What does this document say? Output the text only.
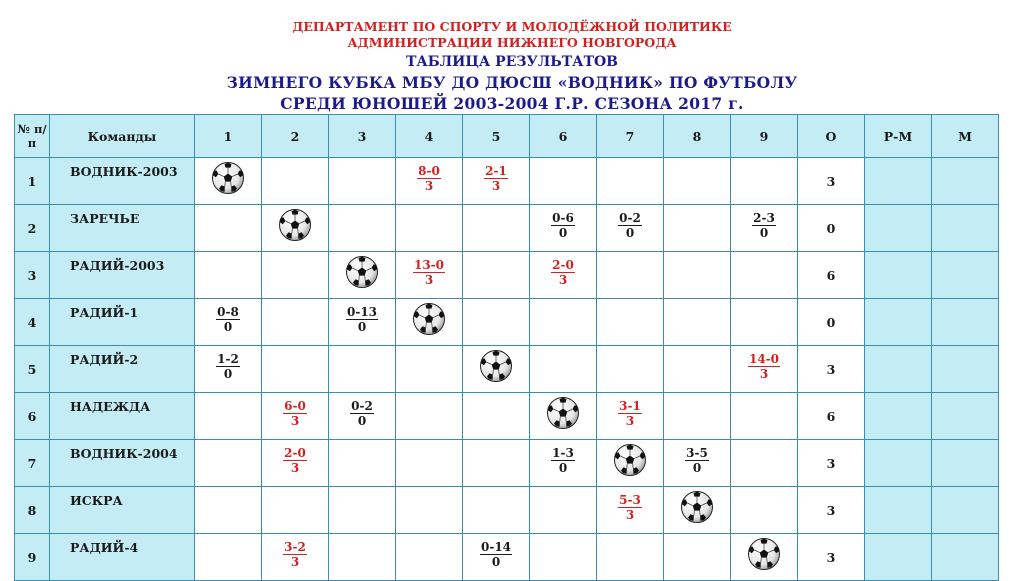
ДЕПАРТАМЕНТ ПО СПОРТУ И МОЛОДЁЖНОЙ ПОЛИТИКЕ
АДМИНИСТРАЦИИ НИЖНЕГО НОВГОРОДА
ТАБЛИЦА РЕЗУЛЬТАТОВ
ЗИМНЕГО КУБКА МБУ ДО ДЮСШ «ВОДНИК» ПО ФУТБОЛУ
СРЕДИ ЮНОШЕЙ 2003-2004 Г.Р. СЕЗОНА 2017 г.
№ п/п	Команды	1	2	3	4	5	6	7	8	9	О	Р-М	М
1	ВОДНИК-2003				$\frac{8-0}{3}$	$\frac{2-1}{3}$					3		
2	ЗАРЕЧЬЕ						$\frac{0-6}{0}$	$\frac{0-2}{0}$		$\frac{2-3}{0}$	0		
3	РАДИЙ-2003				$\frac{13-0}{3}$		$\frac{2-0}{3}$				6		
4	РАДИЙ-1	$\frac{0-8}{0}$		$\frac{0-13}{0}$							0		
5	РАДИЙ-2	$\frac{1-2}{0}$								$\frac{14-0}{3}$	3		
6	НАДЕЖДА		$\frac{6-0}{3}$	$\frac{0-2}{0}$				$\frac{3-1}{3}$			6		
7	ВОДНИК-2004		$\frac{2-0}{3}$				$\frac{1-3}{0}$		$\frac{3-5}{0}$		3		
8	ИСКРА							$\frac{5-3}{3}$			3		
9	РАДИЙ-4		$\frac{3-2}{3}$			$\frac{0-14}{0}$					3		
